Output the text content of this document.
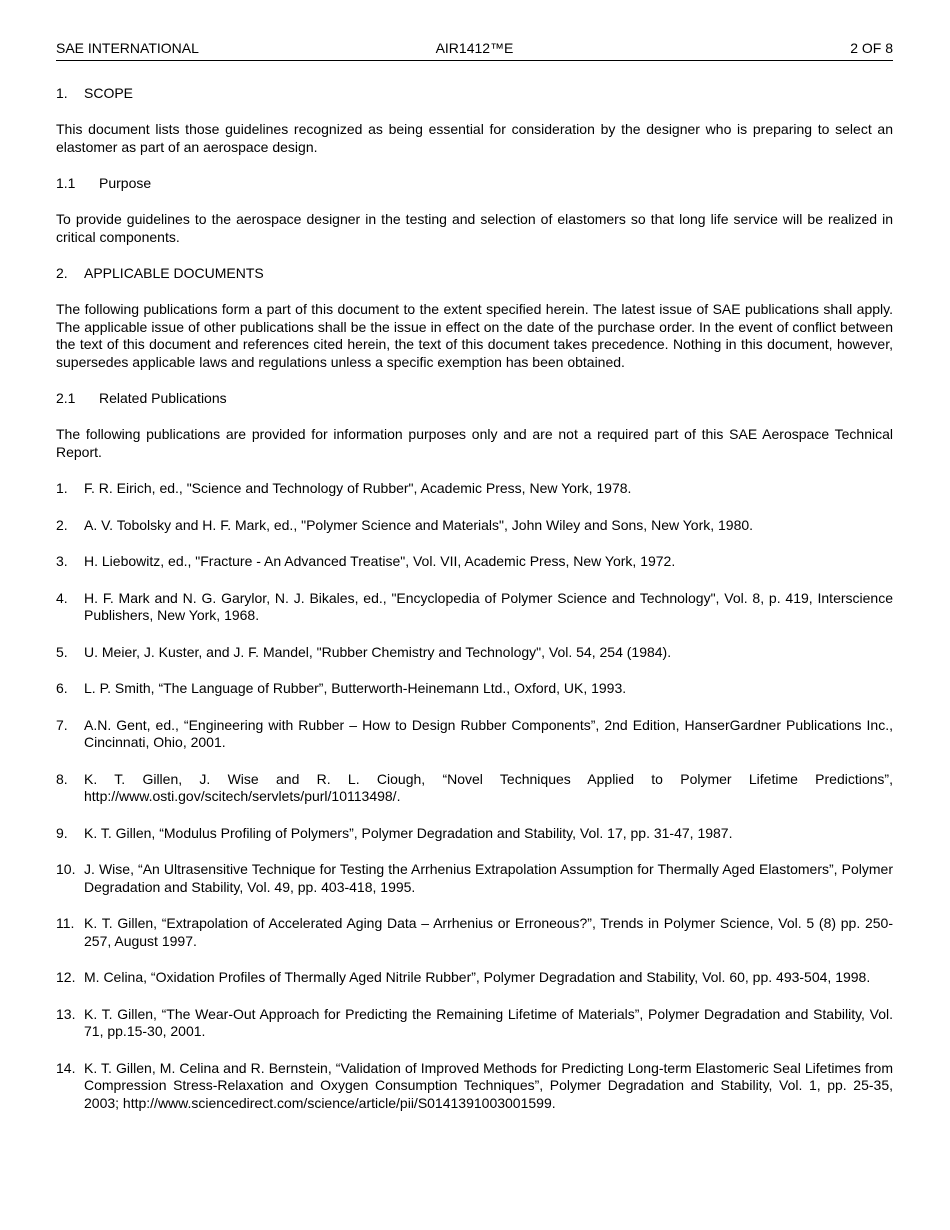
SAE INTERNATIONAL	AIR1412™E	2 OF 8
1. SCOPE

This document lists those guidelines recognized as being essential for consideration by the designer who is preparing to select an elastomer as part of an aerospace design.

1.1 Purpose

To provide guidelines to the aerospace designer in the testing and selection of elastomers so that long life service will be realized in critical components.

2. APPLICABLE DOCUMENTS

The following publications form a part of this document to the extent specified herein. The latest issue of SAE publications shall apply. The applicable issue of other publications shall be the issue in effect on the date of the purchase order. In the event of conflict between the text of this document and references cited herein, the text of this document takes precedence. Nothing in this document, however, supersedes applicable laws and regulations unless a specific exemption has been obtained.

2.1 Related Publications

The following publications are provided for information purposes only and are not a required part of this SAE Aerospace Technical Report.

1. F. R. Eirich, ed., "Science and Technology of Rubber", Academic Press, New York, 1978.
2. A. V. Tobolsky and H. F. Mark, ed., "Polymer Science and Materials", John Wiley and Sons, New York, 1980.
3. H. Liebowitz, ed., "Fracture - An Advanced Treatise", Vol. VII, Academic Press, New York, 1972.
4. H. F. Mark and N. G. Garylor, N. J. Bikales, ed., "Encyclopedia of Polymer Science and Technology", Vol. 8, p. 419, Interscience Publishers, New York, 1968.
5. U. Meier, J. Kuster, and J. F. Mandel, "Rubber Chemistry and Technology", Vol. 54, 254 (1984).
6. L. P. Smith, “The Language of Rubber”, Butterworth-Heinemann Ltd., Oxford, UK, 1993.
7. A.N. Gent, ed., “Engineering with Rubber – How to Design Rubber Components”, 2nd Edition, HanserGardner Publications Inc., Cincinnati, Ohio, 2001.
8. K. T. Gillen, J. Wise and R. L. Ciough, “Novel Techniques Applied to Polymer Lifetime Predictions”, http://www.osti.gov/scitech/servlets/purl/10113498/.
9. K. T. Gillen, “Modulus Profiling of Polymers”, Polymer Degradation and Stability, Vol. 17, pp. 31-47, 1987.
10. J. Wise, “An Ultrasensitive Technique for Testing the Arrhenius Extrapolation Assumption for Thermally Aged Elastomers”, Polymer Degradation and Stability, Vol. 49, pp. 403-418, 1995.
11. K. T. Gillen, “Extrapolation of Accelerated Aging Data – Arrhenius or Erroneous?”, Trends in Polymer Science, Vol. 5 (8) pp. 250-257, August 1997.
12. M. Celina, “Oxidation Profiles of Thermally Aged Nitrile Rubber”, Polymer Degradation and Stability, Vol. 60, pp. 493-504, 1998.
13. K. T. Gillen, “The Wear-Out Approach for Predicting the Remaining Lifetime of Materials”, Polymer Degradation and Stability, Vol. 71, pp.15-30, 2001.
14. K. T. Gillen, M. Celina and R. Bernstein, “Validation of Improved Methods for Predicting Long-term Elastomeric Seal Lifetimes from Compression Stress-Relaxation and Oxygen Consumption Techniques”, Polymer Degradation and Stability, Vol. 1, pp. 25-35, 2003; http://www.sciencedirect.com/science/article/pii/S0141391003001599.
